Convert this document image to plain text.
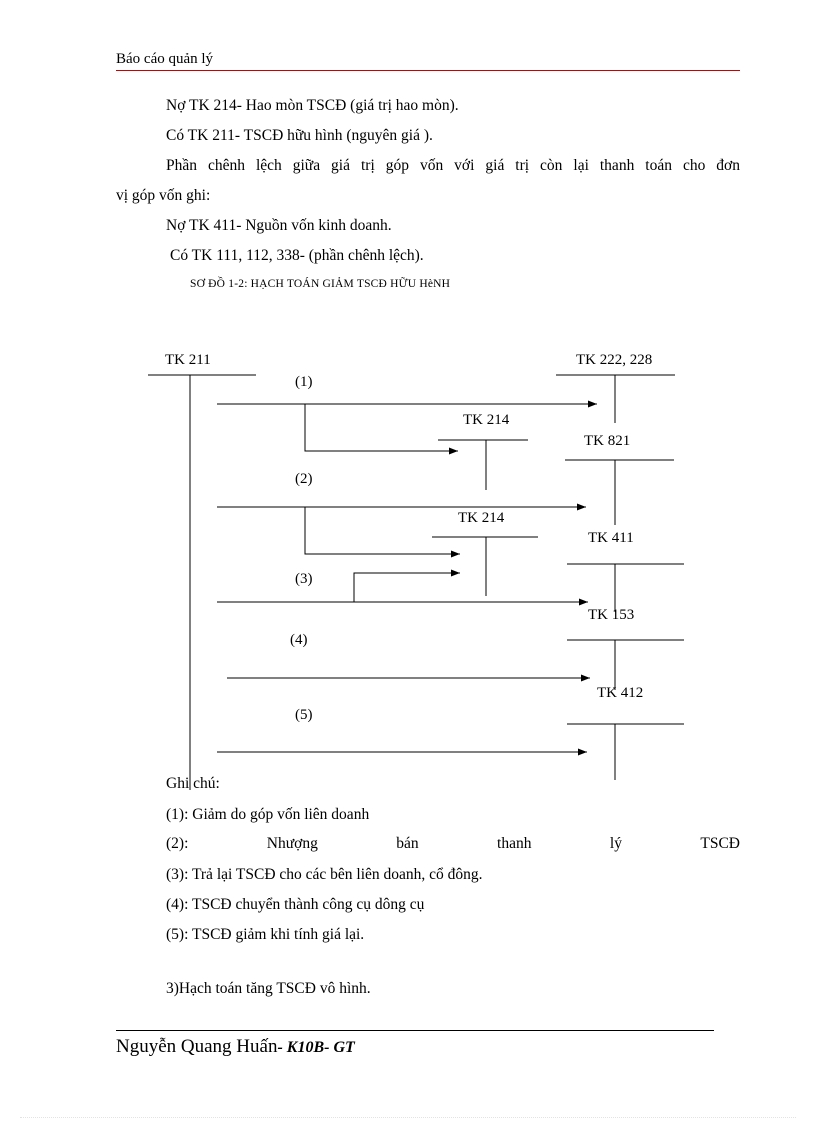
Báo cáo quản lý
Nợ TK 214- Hao mòn TSCĐ (giá trị hao mòn).
Có TK 211- TSCĐ hữu hình (nguyên giá ).
Phần chênh lệch giữa giá trị góp vốn với giá trị còn lại thanh toán cho đơn
vị góp vốn ghi:
Nợ TK 411- Nguồn vốn kinh doanh.
Có TK 111, 112, 338- (phần chênh lệch).
SƠ ĐỒ 1-2: HẠCH TOÁN GIẢM TSCĐ HỮU HèNH
TK 211	TK 222, 228
TK 214
TK 821
TK 214
TK 411
TK 153
TK 412
(1)
(2)
(3)
(4)
(5)
Ghi chú:
(1): Giảm do góp vốn liên doanh
(2):	Nhượng	bán	thanh	lý	TSCĐ
(3): Trả lại TSCĐ cho các bên liên doanh, cổ đông.
(4): TSCĐ chuyển thành công cụ dông cụ
(5): TSCĐ giảm khi tính giá lại.
3)Hạch toán tăng TSCĐ vô hình.
Nguyễn Quang Huấn- K10B- GT
